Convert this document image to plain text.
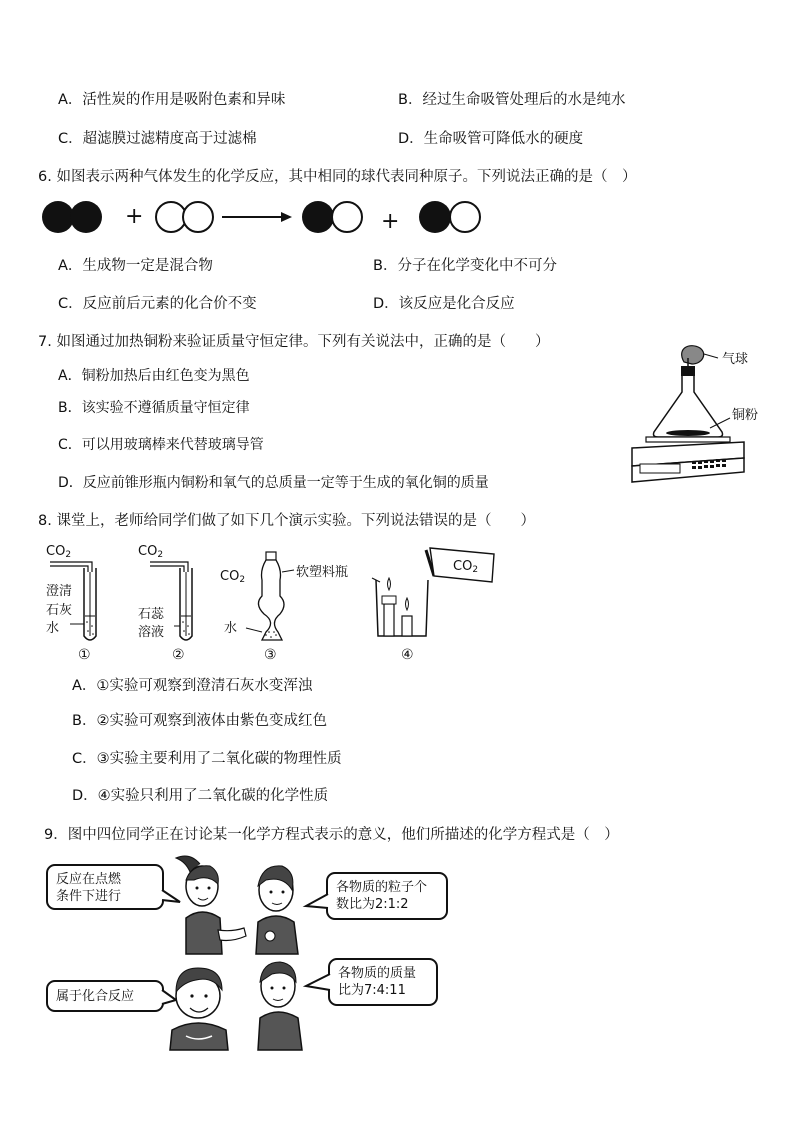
A．活性炭的作用是吸附色素和异味	B．经过生命吸管处理后的水是纯水
C．超滤膜过滤精度高于过滤棉	D．生命吸管可降低水的硬度
6. 如图表示两种气体发生的化学反应，其中相同的球代表同种原子。下列说法正确的是（　）
+	+
A．生成物一定是混合物	B．分子在化学变化中不可分
C．反应前后元素的化合价不变	D．该反应是化合反应
7. 如图通过加热铜粉来验证质量守恒定律。下列有关说法中，正确的是（　　）
A．铜粉加热后由红色变为黑色
B．该实验不遵循质量守恒定律
C．可以用玻璃棒来代替玻璃导管
D．反应前锥形瓶内铜粉和氧气的总质量一定等于生成的氧化铜的质量
气球
铜粉
8. 课堂上，老师给同学们做了如下几个演示实验。下列说法错误的是（　　）
$CO_2$	$CO_2$
$CO_2$
$CO_2$
澄清
石灰
水
石蕊
溶液
软塑料瓶
水
①	②	③	④
A．①实验可观察到澄清石灰水变浑浊
B．②实验可观察到液体由紫色变成红色
C．③实验主要利用了二氧化碳的物理性质
D．④实验只利用了二氧化碳的化学性质
9．图中四位同学正在讨论某一化学方程式表示的意义，他们所描述的化学方程式是（　）
反应在点燃
条件下进行
各物质的粒子个
数比为2:1:2
属于化合反应
各物质的质量
比为7:4:11
